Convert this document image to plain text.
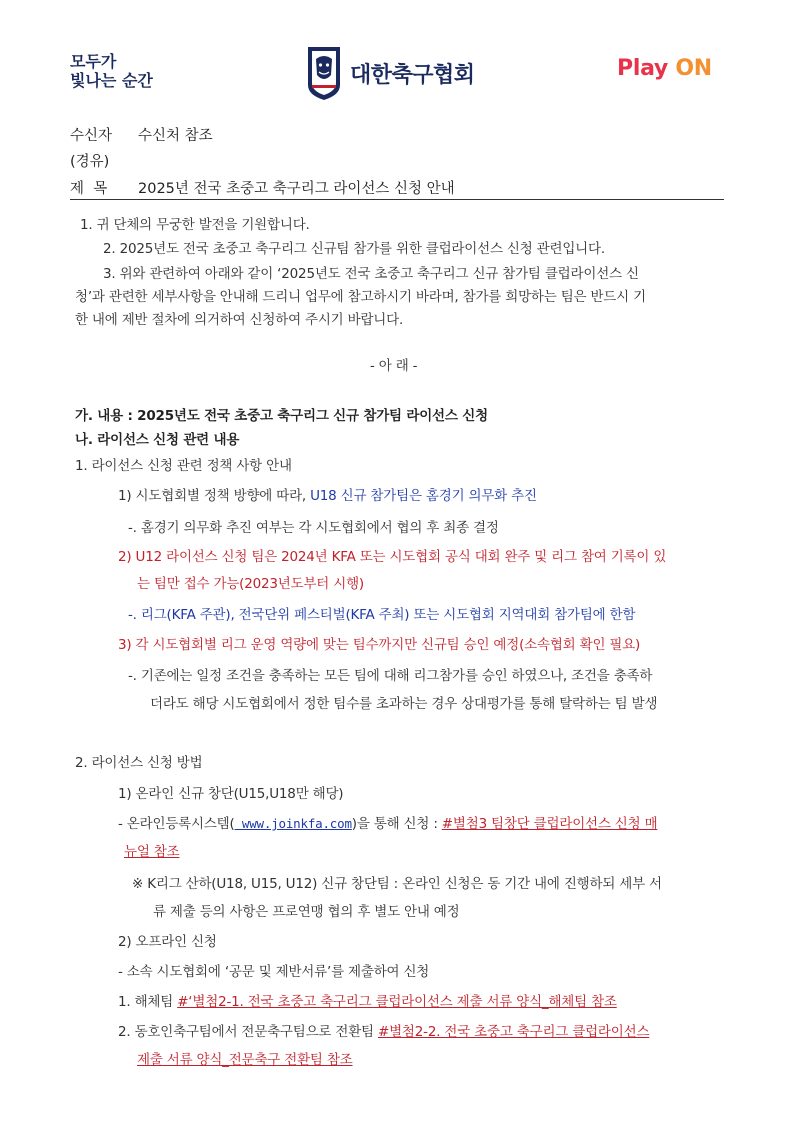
모두가
빛나는 순간	대한축구협회	Play ON
수신자 수신처 참조
(경유)
제  목 2025년 전국 초중고 축구리그 라이선스 신청 안내
1. 귀 단체의 무궁한 발전을 기원합니다.
2. 2025년도 전국 초중고 축구리그 신규팀 참가를 위한 클럽라이선스 신청 관련입니다.
3. 위와 관련하여 아래와 같이 ‘2025년도 전국 초중고 축구리그 신규 참가팀 클럽라이선스 신
청’과 관련한 세부사항을 안내해 드리니 업무에 참고하시기 바라며, 참가를 희망하는 팀은 반드시 기
한 내에 제반 절차에 의거하여 신청하여 주시기 바랍니다.
- 아 래 -
가. 내용 : 2025년도 전국 초중고 축구리그 신규 참가팀 라이선스 신청
나. 라이선스 신청 관련 내용
1. 라이선스 신청 관련 정책 사항 안내
1) 시도협회별 정책 방향에 따라, U18 신규 참가팀은 홈경기 의무화 추진
-. 홈경기 의무화 추진 여부는 각 시도협회에서 협의 후 최종 결정
2) U12 라이선스 신청 팀은 2024년 KFA 또는 시도협회 공식 대회 완주 및 리그 참여 기록이 있
는 팀만 접수 가능(2023년도부터 시행)
-. 리그(KFA 주관), 전국단위 페스티벌(KFA 주최) 또는 시도협회 지역대회 참가팀에 한함
3) 각 시도협회별 리그 운영 역량에 맞는 팀수까지만 신규팀 승인 예정(소속협회 확인 필요)
-. 기존에는 일정 조건을 충족하는 모든 팀에 대해 리그참가를 승인 하였으나, 조건을 충족하
더라도 해당 시도협회에서 정한 팀수를 초과하는 경우 상대평가를 통해 탈락하는 팀 발생
2. 라이선스 신청 방법
1) 온라인 신규 창단(U15,U18만 해당)
- 온라인등록시스템( www.joinkfa.com)을 통해 신청 : #별첨3 팀창단 클럽라이선스 신청 매
뉴얼 참조
※ K리그 산하(U18, U15, U12) 신규 창단팀 : 온라인 신청은 동 기간 내에 진행하되 세부 서
류 제출 등의 사항은 프로연맹 협의 후 별도 안내 예정
2) 오프라인 신청
- 소속 시도협회에 ‘공문 및 제반서류’를 제출하여 신청
1. 해체팀 #‘별첨2-1. 전국 초중고 축구리그 클럽라이선스 제출 서류 양식_해체팀 참조
2. 동호인축구팀에서 전문축구팀으로 전환팀 #별첨2-2. 전국 초중고 축구리그 클럽라이선스
제출 서류 양식_전문축구 전환팀 참조
